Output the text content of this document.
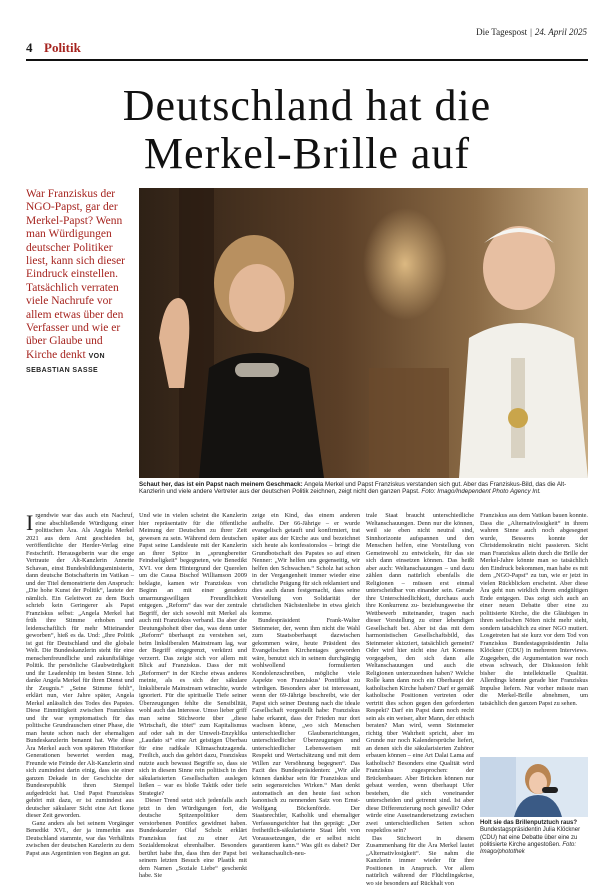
Die Tagespost | 24. April 2025
4 Politik
Deutschland hat die
Merkel-Brille auf
War Franziskus der NGO-Papst, gar der Merkel-Papst? Wenn man Würdigungen deutscher Politiker liest, kann sich dieser Eindruck einstellen. Tatsächlich verraten viele Nachrufe vor allem etwas über den Verfasser und wie er über Glaube und Kirche denkt VON SEBASTIAN SASSE
Schaut her, das ist ein Papst nach meinem Geschmack: Angela Merkel und Papst Franziskus verstanden sich gut. Aber das Franziskus-Bild, das die Alt-Kanzlerin und viele andere Vertreter aus der deutschen Politik zeichnen, zeigt nicht den ganzen Papst. Foto: Imago/Independent Photo Agency Int.

Irgendwie war das auch ein Nachruf, eine abschließende Würdigung einer politischen Ära. Als Angela Merkel 2021 aus dem Amt geschieden ist, veröffentlichte der Herder-Verlag eine Festschrift. Herausgeberin war die enge Vertraute der Alt-Kanzlerin Annette Schavan, einst Bundesbildungsministerin, dann deutsche Botschafterin im Vatikan – und der Titel demonstrierte den Anspruch: „Die hohe Kunst der Politik“, lautete der nämlich. Ein Geleitwort zu dem Buch schrieb kein Geringerer als Papst Franziskus selbst: „Angela Merkel hat früh ihre Stimme erhoben und leidenschaftlich für mehr Miteinander geworben“, hieß es da. Und: „Ihre Politik ist gut für Deutschland und die globale Welt. Die Bundeskanzlerin steht für eine menschenfreundliche und zukunftsfähige Politik. Ihr persönliche Glaubwürdigkeit und ihr Leadership im besten Sinne. Ich danke Angela Merkel für ihren Dienst und ihr Zeugnis.“ „Seine Stimme fehlt“, erklärt nun, vier Jahre später, Angela Merkel anlässlich des Todes des Papstes. Diese Einmütigkeit zwischen Franziskus und ihr war symptomatisch für das politische Grundrauschen einer Phase, die man heute schon nach der ehemaligen Bundeskanzlerin benannt hat. Wie diese Ära Merkel auch von späteren Historiker Generationen bewertet werden mag, Freunde wie Feinde der Alt-Kanzlerin sind sich zumindest darin einig, dass sie einer ganzen Dekade in der Geschichte der Bundesrepublik ihren Stempel aufgedrückt hat. Und Papst Franziskus gehört mit dazu, er ist zumindest aus deutscher säkularer Sicht eine Art Ikone dieser Zeit geworden.

Ganz anders als bei seinem Vorgänger Benedikt XVI., der ja immerhin aus Deutschland stammte, war das Verhältnis zwischen der deutschen Kanzlerin zu dem Papst aus Argentinien von Beginn an gut.

Und wie in vielen scheint die Kanzlerin hier repräsentativ für die öffentliche Meinung der Deutschen zu ihrer Zeit gewesen zu sein. Während dem deutschen Papst seine Landsleute mit der Kanzlerin an ihrer Spitze in „sprungbereiter Feindseligkeit“ begegneten, wie Benedikt XVI. vor dem Hintergrund der Querelen um die Causa Bischof Williamson 2009 beklagte, kamen wir Franziskus von Beginn an mit einer geradezu umarmungswilligen Freundlichkeit entgegen. „Reform“ das war der zentrale Begriff, der sich sowohl mit Merkel als auch mit Franziskus verband. Da aber die Deutungshoheit über das, was denn unter „Reform“ überhaupt zu verstehen sei, beim linksliberalen Mainstream lag, war der Begriff eingegrenzt, verkürzt und verzerrt. Das zeigte sich vor allem mit Blick auf Franziskus. Dass der mit „Reformen“ in der Kirche etwas anderes meinte, als es sich der säkulare linksliberale Mainstream wünschte, wurde ignoriert. Für die spirituelle Tiefe seiner Überzeugungen fehlte die Sensibilität, wohl auch das Interesse. Umso lieber griff man seine Stichworte über „diese Wirtschaft, die tötet“ zum Kapitalismus auf oder sah in der Umwelt-Enzyklika „Laudato si“ eine Art geistigen Überbau für eine radikale Klimaschutzagenda. Freilich, auch das gehört dazu, Franziskus nutzte auch bewusst Begriffe so, dass sie sich in diesem Sinne rein politisch in den säkularisierten Gesellschaften auslegen ließen – war es bloße Taktik oder tiefe Strategie?

Dieser Trend setzt sich jedenfalls auch jetzt in den Würdigungen fort, die deutsche Spitzenpolitiker dem verstorbenen Pontifex gewidmet haben. Bundeskanzler Olaf Scholz erklärt Franziskus fast zu einer Art Sozialdemokrat ehrenhalber. Besonders berührt habe ihn, dass ihm der Papst bei seinem letzten Besuch eine Plastik mit dem Namen „Soziale Liebe“ geschenkt habe. Sie

zeige ein Kind, das einem anderen aufhelfe. Der 66-Jährige – er wurde evangelisch getauft und konfirmiert, trat später aus der Kirche aus und bezeichnet sich heute als konfessionslos – bringt die Grundbotschaft des Papstes so auf einen Nenner: „Wir helfen uns gegenseitig, wir helfen den Schwachen.“ Scholz hat schon in der Vergangenheit immer wieder eine christliche Prägung für sich reklamiert und dies auch daran festgemacht, dass seine Vorstellung von Solidarität der christlichen Nächstenliebe in etwa gleich komme.

Bundespräsident Frank-Walter Steinmeier, der, wenn ihm nicht die Wahl zum Staatsoberhaupt dazwischen gekommen wäre, heute Präsident des Evangelischen Kirchentages geworden wäre, benutzt sich in seinem durchgängig wohlwollend formulierten Kondolenzschreiben, mögliche viele Aspekte von Franziskus’ Pontifikat zu würdigen. Besonders aber ist interessant, wenn der 69-Jährige beschreibt, wie der Papst sich seiner Deutung nach die ideale Gesellschaft vorgestellt habe: Franziskus habe erkannt, dass der Frieden nur dort wachsen könne, „wo sich Menschen unterschiedlicher Glaubensrichtungen, unterschiedlicher Überzeugungen und unterschiedlicher Lebensweisen mit Respekt und Wertschätzung und mit dem Willen zur Versöhnung begegnen“. Das Fazit des Bundespräsidenten: „Wir alle können dankbar sein für Franziskus und sein segensreiches Wirken.“ Man denkt automatisch an den heute fast schon kanonisch zu nennenden Satz von Ernst-Wolfgang Böckenförde. Der Staatsrechtler, Katholik und ehemaliger Verfassungsrichter hat ihn geprägt: „Der freiheitlich-säkularisierte Staat lebt von Voraussetzungen, die er selbst nicht garantieren kann.“ Was gilt es dabei? Der weltanschaulich-neu-

trale Staat braucht unterschiedliche Weltanschauungen. Denn nur die können, weil sie eben nicht neutral sind, Sinnhorizonte aufspannen und den Menschen helfen, eine Vorstellung von Gemeinwohl zu entwickeln, für das sie sich dann einsetzen können. Das heißt aber auch: Weltanschauungen – und dazu zählen dann natürlich ebenfalls die Religionen – müssen erst einmal unterscheidbar von einander sein. Gerade ihre Unterschiedlichkeit, durchaus auch ihre Konkurrenz zu- beziehungsweise ihr Wettbewerb miteinander, tragen nach dieser Vorstellung zu einer lebendigen Gesellschaft bei. Aber ist das mit dem harmonistischen Gesellschaftsbild, das Steinmeier skizziert, tatsächlich gemeint? Oder wird hier nicht eine Art Konsens vorgegeben, den sich dann alle Weltanschauungen und auch die Religionen unterzuordnen haben? Welche Rolle kann dann noch ein Oberhaupt der katholischen Kirche haben? Darf er gemäß katholische Positionen vertreten oder vertritt dies schon gegen den geforderten Respekt? Darf ein Papst dann noch recht sein als ein weiser, alter Mann, der ethisch beraten? Man wird, wenn Steinmeier richtig über Wahrheit spricht, aber im Grunde nur noch Kalendersprüche liefert, an denen sich die säkularisierten Zuhörer erbauen können – eine Art Dalai Lama auf katholisch? Besonders eine Qualität wird Franziskus zugesprochen: der Brückenbauer. Aber Brücken können nur gebaut werden, wenn überhaupt Ufer bestehen, die sich voneinander unterscheiden und getrennt sind. Ist aber diese Differenzierung noch gewollt? Oder würde eine Auseinandersetzung zwischen zwei unterschiedlichen Seiten schon respektlos sein?

Das Stichwort in diesem Zusammenhang für die Ära Merkel lautet „Alternativlosigkeit“. Sie nahm die Kanzlerin immer wieder für ihre Positionen in Anspruch. Vor allem natürlich während der Flüchtlingskrise, wo sie besonders auf Rückhalt von

Franziskus aus dem Vatikan bauen konnte. Dass die „Alternativlosigkeit“ in ihrem wahren Sinne auch noch abgesegnet wurde, Besseres konnte der Christdemokratin nicht passieren. Sicht man Franziskus allein durch die Brille der Merkel-Jahre könnte man so tatsächlich den Eindruck bekommen, man habe es mit dem „NGO-Papst“ zu tun, wie er jetzt in vielen Rückblicken erscheint. Aber diese Ära geht nun wirklich ihrem endgültigen Ende entgegen. Das zeigt sich auch an einer neuen Debatte über eine zu politisierte Kirche, die die Gläubigen in ihren seelischen Nöten nicht mehr sieht, sondern tatsächlich zu einer NGO mutiert. Losgetreten hat sie kurz vor dem Tod von Franziskus Bundestagspräsidentin Julia Klöckner (CDU) in mehreren Interviews. Zugegeben, die Argumentation war noch etwas schwach, der Diskussion fehlt bisher die intellektuelle Qualität. Allerdings könnte gerade hier Franziskus Impulse liefern. Nur vorher müsste man die Merkel-Brille abnehmen, um tatsächlich den ganzen Papst zu sehen.

Holt sie das Brillenputztuch raus? Bundestagspräsidentin Julia Klöckner (CDU) hat eine Debatte über eine zu politisierte Kirche angestoßen. Foto: Imago/photothek
